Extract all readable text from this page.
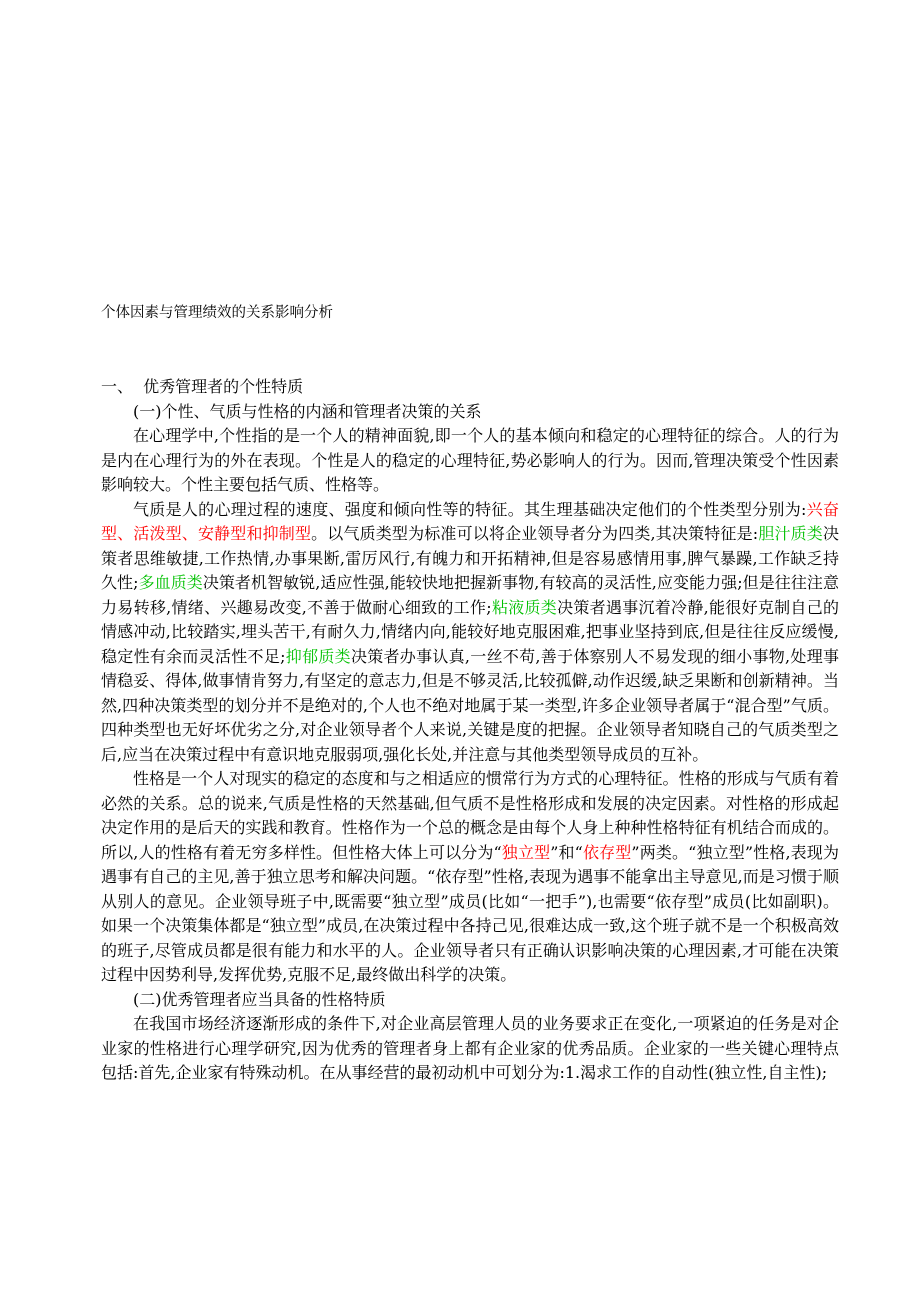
个体因素与管理绩效的关系影响分析

一、  优秀管理者的个性特质

(一)个性、气质与性格的内涵和管理者决策的关系

在心理学中,个性指的是一个人的精神面貌,即一个人的基本倾向和稳定的心理特征的综合。人的行为是内在心理行为的外在表现。个性是人的稳定的心理特征,势必影响人的行为。因而,管理决策受个性因素影响较大。个性主要包括气质、性格等。

气质是人的心理过程的速度、强度和倾向性等的特征。其生理基础决定他们的个性类型分别为:兴奋型、活泼型、安静型和抑制型。以气质类型为标准可以将企业领导者分为四类,其决策特征是:胆汁质类决策者思维敏捷,工作热情,办事果断,雷厉风行,有魄力和开拓精神,但是容易感情用事,脾气暴躁,工作缺乏持久性;多血质类决策者机智敏锐,适应性强,能较快地把握新事物,有较高的灵活性,应变能力强;但是往往注意力易转移,情绪、兴趣易改变,不善于做耐心细致的工作;粘液质类决策者遇事沉着冷静,能很好克制自己的情感冲动,比较踏实,埋头苦干,有耐久力,情绪内向,能较好地克服困难,把事业坚持到底,但是往往反应缓慢,稳定性有余而灵活性不足;抑郁质类决策者办事认真,一丝不苟,善于体察别人不易发现的细小事物,处理事情稳妥、得体,做事情肯努力,有坚定的意志力,但是不够灵活,比较孤僻,动作迟缓,缺乏果断和创新精神。当然,四种决策类型的划分并不是绝对的,个人也不绝对地属于某一类型,许多企业领导者属于“混合型”气质。四种类型也无好坏优劣之分,对企业领导者个人来说,关键是度的把握。企业领导者知晓自己的气质类型之后,应当在决策过程中有意识地克服弱项,强化长处,并注意与其他类型领导成员的互补。

性格是一个人对现实的稳定的态度和与之相适应的惯常行为方式的心理特征。性格的形成与气质有着必然的关系。总的说来,气质是性格的天然基础,但气质不是性格形成和发展的决定因素。对性格的形成起决定作用的是后天的实践和教育。性格作为一个总的概念是由每个人身上种种性格特征有机结合而成的。所以,人的性格有着无穷多样性。但性格大体上可以分为“独立型”和“依存型”两类。“独立型”性格,表现为遇事有自己的主见,善于独立思考和解决问题。“依存型”性格,表现为遇事不能拿出主导意见,而是习惯于顺从别人的意见。企业领导班子中,既需要“独立型”成员(比如“一把手”),也需要“依存型”成员(比如副职)。如果一个决策集体都是“独立型”成员,在决策过程中各持己见,很难达成一致,这个班子就不是一个积极高效的班子,尽管成员都是很有能力和水平的人。企业领导者只有正确认识影响决策的心理因素,才可能在决策过程中因势利导,发挥优势,克服不足,最终做出科学的决策。

(二)优秀管理者应当具备的性格特质

在我国市场经济逐渐形成的条件下,对企业高层管理人员的业务要求正在变化,一项紧迫的任务是对企业家的性格进行心理学研究,因为优秀的管理者身上都有企业家的优秀品质。企业家的一些关键心理特点包括:首先,企业家有特殊动机。在从事经营的最初动机中可划分为:1.渴求工作的自动性(独立性,自主性);
